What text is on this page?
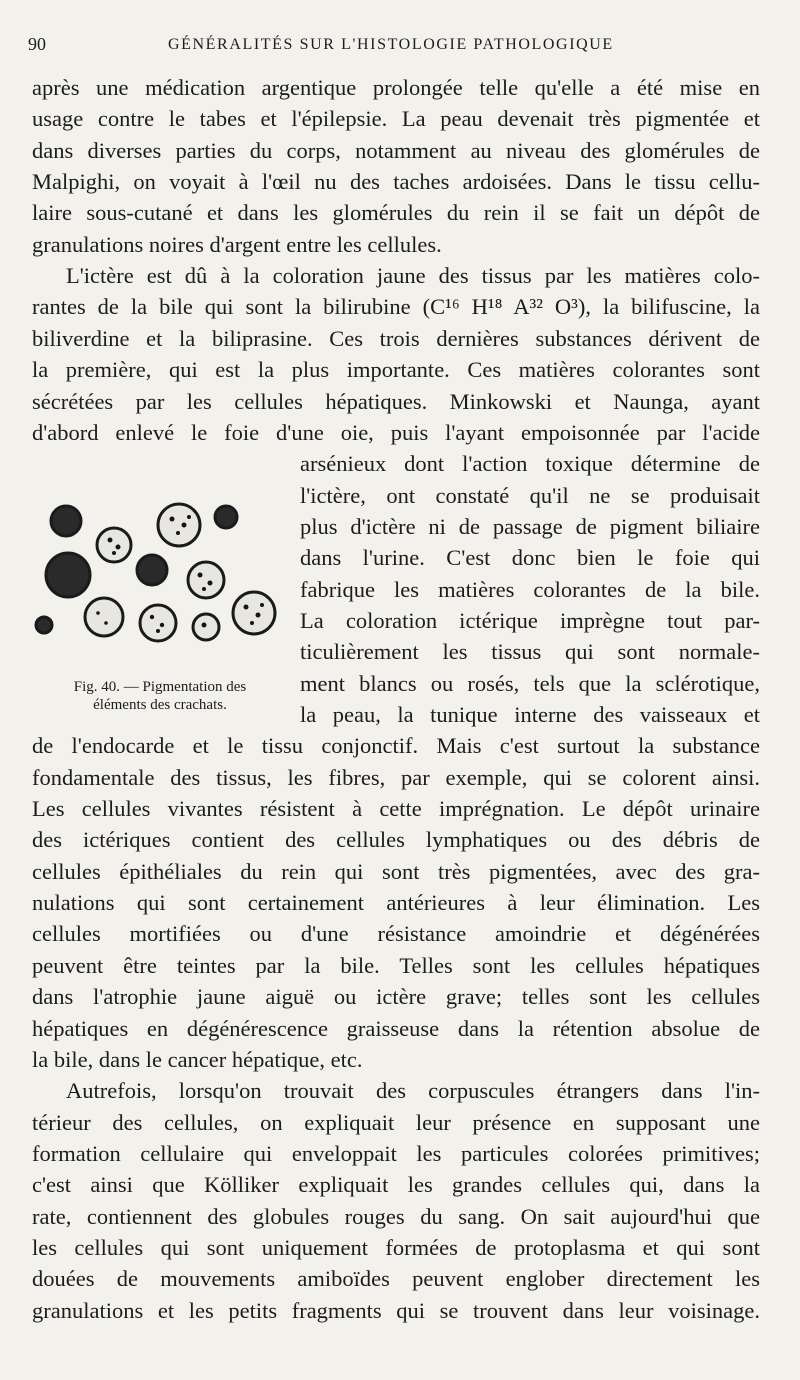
90	GÉNÉRALITÉS SUR L'HISTOLOGIE PATHOLOGIQUE
après une médication argentique prolongée telle qu'elle a été mise en
usage contre le tabes et l'épilepsie. La peau devenait très pigmentée et
dans diverses parties du corps, notamment au niveau des glomérules de
Malpighi, on voyait à l'œil nu des taches ardoisées. Dans le tissu cellu-
laire sous-cutané et dans les glomérules du rein il se fait un dépôt de
granulations noires d'argent entre les cellules.
L'ictère est dû à la coloration jaune des tissus par les matières colo-
rantes de la bile qui sont la bilirubine (C¹⁶ H¹⁸ A³² O³), la bilifuscine, la
biliverdine et la biliprasine. Ces trois dernières substances dérivent de
la première, qui est la plus importante. Ces matières colorantes sont
sécrétées par les cellules hépatiques. Minkowski et Naunga, ayant
d'abord enlevé le foie d'une oie, puis l'ayant empoisonnée par l'acide
arsénieux dont l'action toxique détermine de
l'ictère, ont constaté qu'il ne se produisait
plus d'ictère ni de passage de pigment biliaire
dans l'urine. C'est donc bien le foie qui
fabrique les matières colorantes de la bile.
La coloration ictérique imprègne tout par-
ticulièrement les tissus qui sont normale-
ment blancs ou rosés, tels que la sclérotique,
la peau, la tunique interne des vaisseaux et
de l'endocarde et le tissu conjonctif. Mais c'est surtout la substance
fondamentale des tissus, les fibres, par exemple, qui se colorent ainsi.
Les cellules vivantes résistent à cette imprégnation. Le dépôt urinaire
des ictériques contient des cellules lymphatiques ou des débris de
cellules épithéliales du rein qui sont très pigmentées, avec des gra-
nulations qui sont certainement antérieures à leur élimination. Les
cellules mortifiées ou d'une résistance amoindrie et dégénérées
peuvent être teintes par la bile. Telles sont les cellules hépatiques
dans l'atrophie jaune aiguë ou ictère grave; telles sont les cellules
hépatiques en dégénérescence graisseuse dans la rétention absolue de
la bile, dans le cancer hépatique, etc.
Autrefois, lorsqu'on trouvait des corpuscules étrangers dans l'in-
térieur des cellules, on expliquait leur présence en supposant une
formation cellulaire qui enveloppait les particules colorées primitives;
c'est ainsi que Kölliker expliquait les grandes cellules qui, dans la
rate, contiennent des globules rouges du sang. On sait aujourd'hui que
les cellules qui sont uniquement formées de protoplasma et qui sont
douées de mouvements amiboïdes peuvent englober directement les
granulations et les petits fragments qui se trouvent dans leur voisinage.
Fig. 40. — Pigmentation des
éléments des crachats.
